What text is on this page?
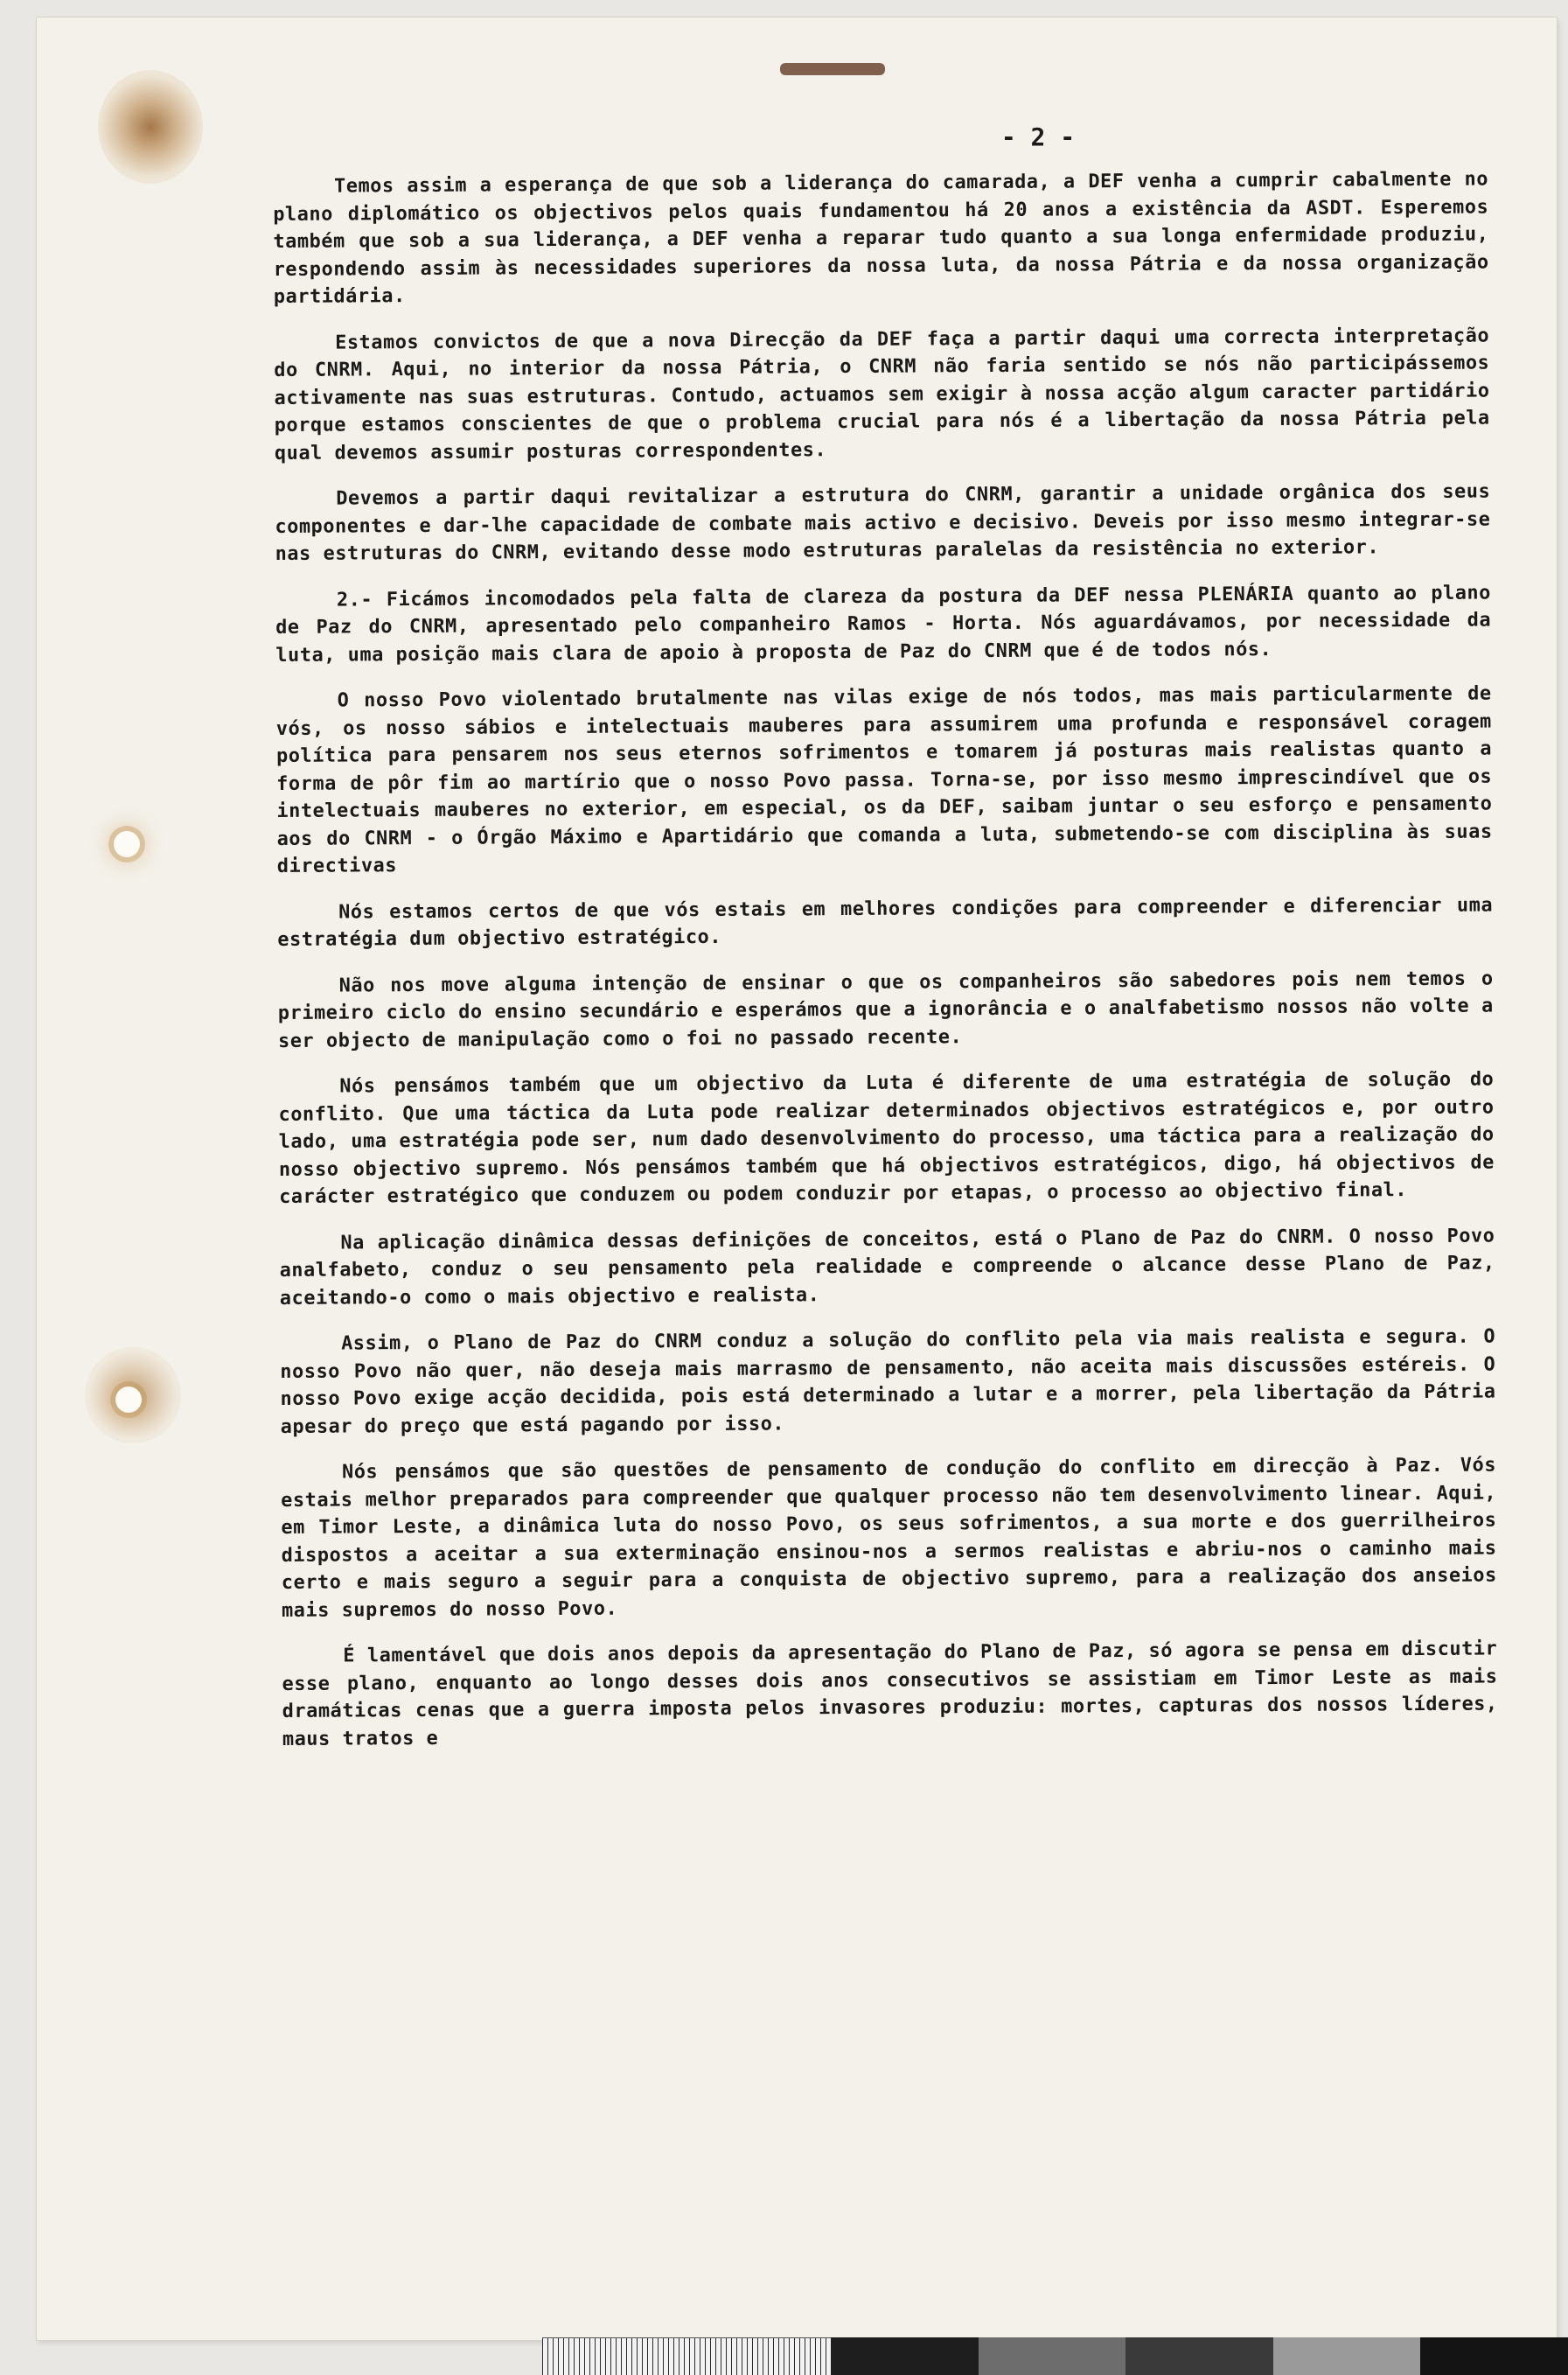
- 2 -

Temos assim a esperança de que sob a liderança do camarada, a DEF venha a cumprir cabalmente no plano diplomático os objectivos pelos quais fundamentou há 20 anos a existência da ASDT. Esperemos também que sob a sua liderança, a DEF venha a reparar tudo quanto a sua longa enfermidade produziu, respondendo assim às necessidades superiores da nossa luta, da nossa Pátria e da nossa organização partidária.

Estamos convictos de que a nova Direcção da DEF faça a partir daqui uma correcta interpretação do CNRM. Aqui, no interior da nossa Pátria, o CNRM não faria sentido se nós não participássemos activamente nas suas estruturas. Contudo, actuamos sem exigir à nossa acção algum caracter partidário porque estamos conscientes de que o problema crucial para nós é a libertação da nossa Pátria pela qual devemos assumir posturas correspondentes.

Devemos a partir daqui revitalizar a estrutura do CNRM, garantir a unidade orgânica dos seus componentes e dar-lhe capacidade de combate mais activo e decisivo. Deveis por isso mesmo integrar-se nas estruturas do CNRM, evitando desse modo estruturas paralelas da resistência no exterior.

2.- Ficámos incomodados pela falta de clareza da postura da DEF nessa PLENÁRIA quanto ao plano de Paz do CNRM, apresentado pelo companheiro Ramos - Horta. Nós aguardávamos, por necessidade da luta, uma posição mais clara de apoio à proposta de Paz do CNRM que é de todos nós.

O nosso Povo violentado brutalmente nas vilas exige de nós todos, mas mais particularmente de vós, os nosso sábios e intelectuais mauberes para assumirem uma profunda e responsável coragem política para pensarem nos seus eternos sofrimentos e tomarem já posturas mais realistas quanto a forma de pôr fim ao martírio que o nosso Povo passa. Torna-se, por isso mesmo imprescindível que os intelectuais mauberes no exterior, em especial, os da DEF, saibam juntar o seu esforço e pensamento aos do CNRM - o Órgão Máximo e Apartidário que comanda a luta, submetendo-se com disciplina às suas directivas

Nós estamos certos de que vós estais em melhores condições para compreender e diferenciar uma estratégia dum objectivo estratégico.

Não nos move alguma intenção de ensinar o que os companheiros são sabedores pois nem temos o primeiro ciclo do ensino secundário e esperámos que a ignorância e o analfabetismo nossos não volte a ser objecto de manipulação como o foi no passado recente.

Nós pensámos também que um objectivo da Luta é diferente de uma estratégia de solução do conflito. Que uma táctica da Luta pode realizar determinados objectivos estratégicos e, por outro lado, uma estratégia pode ser, num dado desenvolvimento do processo, uma táctica para a realização do nosso objectivo supremo. Nós pensámos também que há objectivos estratégicos, digo, há objectivos de carácter estratégico que conduzem ou podem conduzir por etapas, o processo ao objectivo final.

Na aplicação dinâmica dessas definições de conceitos, está o Plano de Paz do CNRM. O nosso Povo analfabeto, conduz o seu pensamento pela realidade e compreende o alcance desse Plano de Paz, aceitando-o como o mais objectivo e realista.

Assim, o Plano de Paz do CNRM conduz a solução do conflito pela via mais realista e segura. O nosso Povo não quer, não deseja mais marrasmo de pensamento, não aceita mais discussões estéreis. O nosso Povo exige acção decidida, pois está determinado a lutar e a morrer, pela libertação da Pátria apesar do preço que está pagando por isso.

Nós pensámos que são questões de pensamento de condução do conflito em direcção à Paz. Vós estais melhor preparados para compreender que qualquer processo não tem desenvolvimento linear. Aqui, em Timor Leste, a dinâmica luta do nosso Povo, os seus sofrimentos, a sua morte e dos guerrilheiros dispostos a aceitar a sua exterminação ensinou-nos a sermos realistas e abriu-nos o caminho mais certo e mais seguro a seguir para a conquista de objectivo supremo, para a realização dos anseios mais supremos do nosso Povo.

É lamentável que dois anos depois da apresentação do Plano de Paz, só agora se pensa em discutir esse plano, enquanto ao longo desses dois anos consecutivos se assistiam em Timor Leste as mais dramáticas cenas que a guerra imposta pelos invasores produziu: mortes, capturas dos nossos líderes, maus tratos e
